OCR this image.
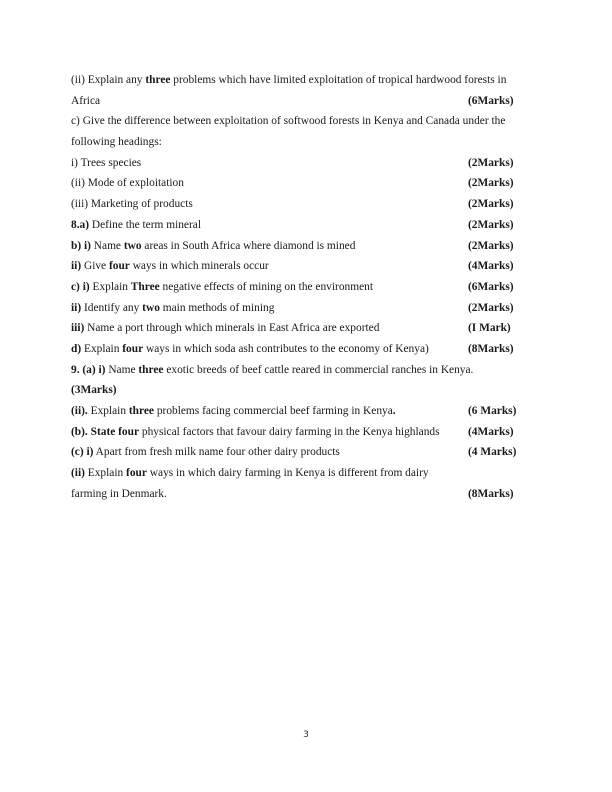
(ii) Explain any three problems which have limited exploitation of tropical hardwood forests in
Africa	(6Marks)
c) Give the difference between exploitation of softwood forests in Kenya and Canada under the
following headings:
i) Trees species	(2Marks)
(ii) Mode of exploitation	(2Marks)
(iii) Marketing of products	(2Marks)
8.a) Define the term mineral	(2Marks)
b) i) Name two areas in South Africa where diamond is mined	(2Marks)
ii) Give four ways in which minerals occur	(4Marks)
c) i) Explain Three negative effects of mining on the environment	(6Marks)
ii) Identify any two main methods of mining	(2Marks)
iii) Name a port through which minerals in East Africa are exported	(I Mark)
d) Explain four ways in which soda ash contributes to the economy of Kenya)	(8Marks)
9. (a) i) Name three exotic breeds of beef cattle reared in commercial ranches in Kenya.
(3Marks)
(ii). Explain three problems facing commercial beef farming in Kenya.	(6 Marks)
(b). State four physical factors that favour dairy farming in the Kenya highlands (4Marks)
(c) i) Apart from fresh milk name four other dairy products	(4 Marks)
(ii) Explain four ways in which dairy farming in Kenya is different from dairy
farming in Denmark.	(8Marks)
3
